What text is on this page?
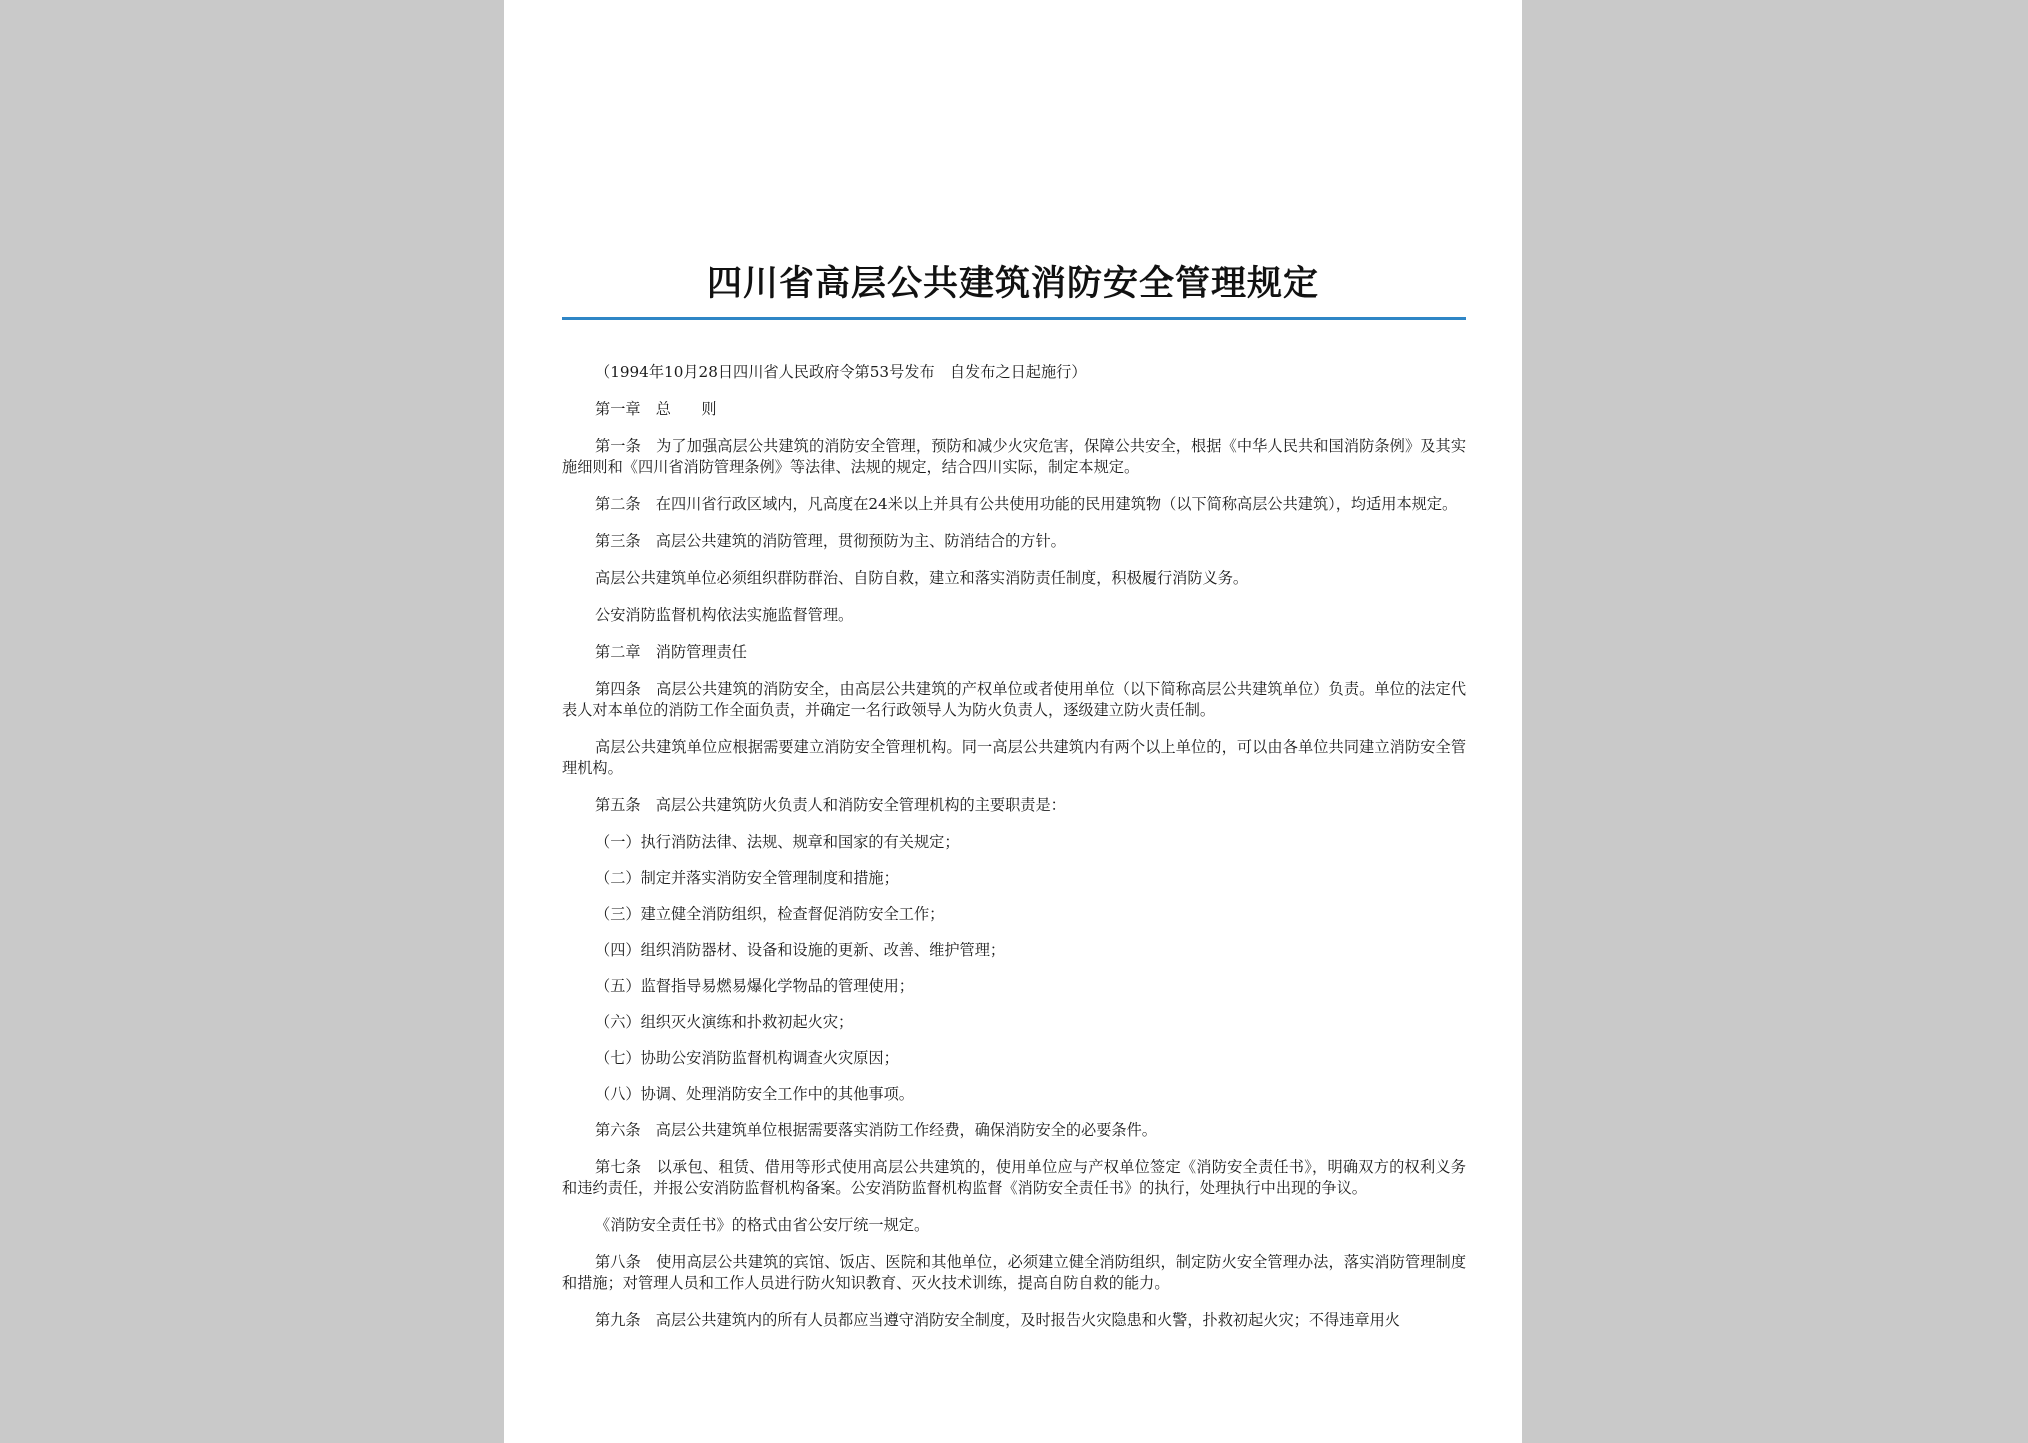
四川省高层公共建筑消防安全管理规定

（1994年10月28日四川省人民政府令第53号发布　自发布之日起施行）

第一章　总　　则

第一条　为了加强高层公共建筑的消防安全管理，预防和减少火灾危害，保障公共安全，根据《中华人民共和国消防条例》及其实施细则和《四川省消防管理条例》等法律、法规的规定，结合四川实际，制定本规定。

第二条　在四川省行政区域内，凡高度在24米以上并具有公共使用功能的民用建筑物（以下简称高层公共建筑），均适用本规定。

第三条　高层公共建筑的消防管理，贯彻预防为主、防消结合的方针。

高层公共建筑单位必须组织群防群治、自防自救，建立和落实消防责任制度，积极履行消防义务。

公安消防监督机构依法实施监督管理。

第二章　消防管理责任

第四条　高层公共建筑的消防安全，由高层公共建筑的产权单位或者使用单位（以下简称高层公共建筑单位）负责。单位的法定代表人对本单位的消防工作全面负责，并确定一名行政领导人为防火负责人，逐级建立防火责任制。

高层公共建筑单位应根据需要建立消防安全管理机构。同一高层公共建筑内有两个以上单位的，可以由各单位共同建立消防安全管理机构。

第五条　高层公共建筑防火负责人和消防安全管理机构的主要职责是：

（一）执行消防法律、法规、规章和国家的有关规定；

（二）制定并落实消防安全管理制度和措施；

（三）建立健全消防组织，检查督促消防安全工作；

（四）组织消防器材、设备和设施的更新、改善、维护管理；

（五）监督指导易燃易爆化学物品的管理使用；

（六）组织灭火演练和扑救初起火灾；

（七）协助公安消防监督机构调查火灾原因；

（八）协调、处理消防安全工作中的其他事项。

第六条　高层公共建筑单位根据需要落实消防工作经费，确保消防安全的必要条件。

第七条　以承包、租赁、借用等形式使用高层公共建筑的，使用单位应与产权单位签定《消防安全责任书》，明确双方的权利义务和违约责任，并报公安消防监督机构备案。公安消防监督机构监督《消防安全责任书》的执行，处理执行中出现的争议。

《消防安全责任书》的格式由省公安厅统一规定。

第八条　使用高层公共建筑的宾馆、饭店、医院和其他单位，必须建立健全消防组织，制定防火安全管理办法，落实消防管理制度和措施；对管理人员和工作人员进行防火知识教育、灭火技术训练，提高自防自救的能力。

第九条　高层公共建筑内的所有人员都应当遵守消防安全制度，及时报告火灾隐患和火警，扑救初起火灾；不得违章用火
